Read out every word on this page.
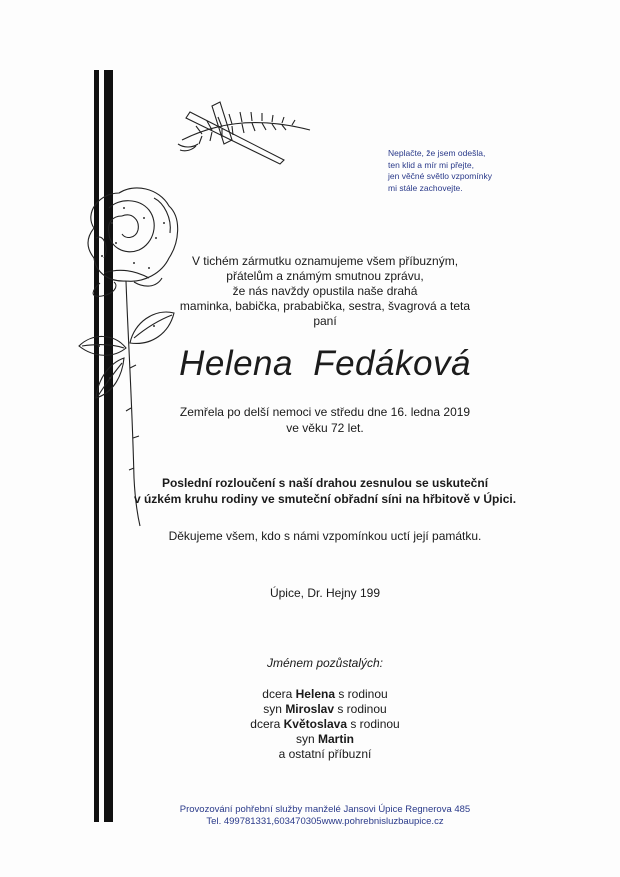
Neplačte, že jsem odešla,
ten klid a mír mi přejte,
jen věčné světlo vzpomínky
mi stále zachovejte.
V tichém zármutku oznamujeme všem příbuzným,
přátelům a známým smutnou zprávu,
že nás navždy opustila naše drahá
maminka, babička, prababička, sestra, švagrová a teta
paní
Helena Fedáková
Zemřela po delší nemoci ve středu dne 16. ledna 2019
ve věku 72 let.
Poslední rozloučení s naší drahou zesnulou se uskuteční
v úzkém kruhu rodiny ve smuteční obřadní síni na hřbitově v Úpici.
Děkujeme všem, kdo s námi vzpomínkou uctí její památku.
Úpice, Dr. Hejny 199
Jménem pozůstalých:
dcera Helena s rodinou
syn Miroslav s rodinou
dcera Květoslava s rodinou
syn Martin
a ostatní příbuzní
Provozování pohřební služby manželé Jansovi Úpice Regnerova 485
Tel. 499781331,603470305www.pohrebnisluzbaupice.cz
